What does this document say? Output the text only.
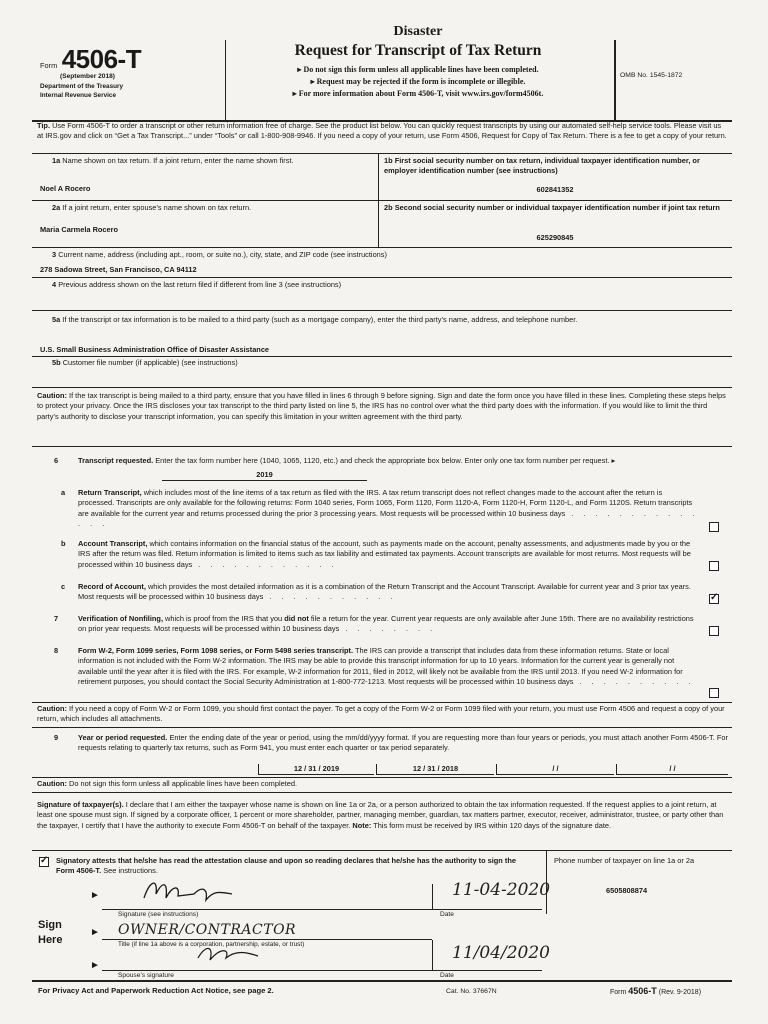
Form 4506-T
(September 2018)
Department of the Treasury
Internal Revenue Service
Disaster
Request for Transcript of Tax Return
▸ Do not sign this form unless all applicable lines have been completed.
▸ Request may be rejected if the form is incomplete or illegible.
▸ For more information about Form 4506-T, visit www.irs.gov/form4506t.
OMB No. 1545-1872
Tip. Use Form 4506-T to order a transcript or other return information free of charge. See the product list below. You can quickly request transcripts by using our automated self-help service tools. Please visit us at IRS.gov and click on “Get a Tax Transcript...” under “Tools” or call 1-800-908-9946. If you need a copy of your return, use Form 4506, Request for Copy of Tax Return. There is a fee to get a copy of your return.
1a Name shown on tax return. If a joint return, enter the name shown first.
Noel A Rocero
1b First social security number on tax return, individual taxpayer identification number, or employer identification number (see instructions)
602841352
2a If a joint return, enter spouse’s name shown on tax return.
Maria Carmela Rocero
2b Second social security number or individual taxpayer identification number if joint tax return
625290845
3 Current name, address (including apt., room, or suite no.), city, state, and ZIP code (see instructions)
278 Sadowa Street, San Francisco, CA 94112
4 Previous address shown on the last return filed if different from line 3 (see instructions)
5a If the transcript or tax information is to be mailed to a third party (such as a mortgage company), enter the third party’s name, address, and telephone number.
U.S. Small Business Administration Office of Disaster Assistance
5b Customer file number (if applicable) (see instructions)
Caution: If the tax transcript is being mailed to a third party, ensure that you have filled in lines 6 through 9 before signing. Sign and date the form once you have filled in these lines. Completing these steps helps to protect your privacy. Once the IRS discloses your tax transcript to the third party listed on line 5, the IRS has no control over what the third party does with the information. If you would like to limit the third party’s authority to disclose your transcript information, you can specify this limitation in your written agreement with the third party.
6	Transcript requested. Enter the tax form number here (1040, 1065, 1120, etc.) and check the appropriate box below. Enter only one tax form number per request. ▸
2019
a Return Transcript, which includes most of the line items of a tax return as filed with the IRS. A tax return transcript does not reflect changes made to the account after the return is processed. Transcripts are only available for the following returns: Form 1040 series, Form 1065, Form 1120, Form 1120-A, Form 1120-H, Form 1120-L, and Form 1120S. Return transcripts are available for the current year and returns processed during the prior 3 processing years. Most requests will be processed within 10 business days . . . . . . . . . . . . . .
b Account Transcript, which contains information on the financial status of the account, such as payments made on the account, penalty assessments, and adjustments made by you or the IRS after the return was filed. Return information is limited to items such as tax liability and estimated tax payments. Account transcripts are available for most returns. Most requests will be processed within 10 business days . . . . . . . . . . . .
c Record of Account, which provides the most detailed information as it is a combination of the Return Transcript and the Account Transcript. Available for current year and 3 prior tax years. Most requests will be processed within 10 business days . . . . . . . . . . .
✓
7	Verification of Nonfiling, which is proof from the IRS that you did not file a return for the year. Current year requests are only available after June 15th. There are no availability restrictions on prior year requests. Most requests will be processed within 10 business days . . . . . . . .
8	Form W-2, Form 1099 series, Form 1098 series, or Form 5498 series transcript. The IRS can provide a transcript that includes data from these information returns. State or local information is not included with the Form W-2 information. The IRS may be able to provide this transcript information for up to 10 years. Information for the current year is generally not available until the year after it is filed with the IRS. For example, W-2 information for 2011, filed in 2012, will likely not be available from the IRS until 2013. If you need W-2 information for retirement purposes, you should contact the Social Security Administration at 1-800-772-1213. Most requests will be processed within 10 business days . . . . . . . . . .
Caution: If you need a copy of Form W-2 or Form 1099, you should first contact the payer. To get a copy of the Form W-2 or Form 1099 filed with your return, you must use Form 4506 and request a copy of your return, which includes all attachments.
9	Year or period requested. Enter the ending date of the year or period, using the mm/dd/yyyy format. If you are requesting more than four years or periods, you must attach another Form 4506-T. For requests relating to quarterly tax returns, such as Form 941, you must enter each quarter or tax period separately.
12 / 31 / 2019	12 / 31 / 2018	/ /	/ /
Caution: Do not sign this form unless all applicable lines have been completed.
Signature of taxpayer(s). I declare that I am either the taxpayer whose name is shown on line 1a or 2a, or a person authorized to obtain the tax information requested. If the request applies to a joint return, at least one spouse must sign. If signed by a corporate officer, 1 percent or more shareholder, partner, managing member, guardian, tax matters partner, executor, receiver, administrator, trustee, or party other than the taxpayer, I certify that I have the authority to execute Form 4506-T on behalf of the taxpayer. Note: This form must be received by IRS within 120 days of the signature date.
✓
Signatory attests that he/she has read the attestation clause and upon so reading declares that he/she has the authority to sign the Form 4506-T. See instructions.
Phone number of taxpayer on line 1a or 2a
6505808874
Sign
Here
►	11-04-2020
Signature (see instructions)	Date
► OWNER/CONTRACTOR
Title (if line 1a above is a corporation, partnership, estate, or trust)
►
11/04/2020
Spouse’s signature	Date
For Privacy Act and Paperwork Reduction Act Notice, see page 2.	Cat. No. 37667N	Form 4506-T (Rev. 9-2018)
